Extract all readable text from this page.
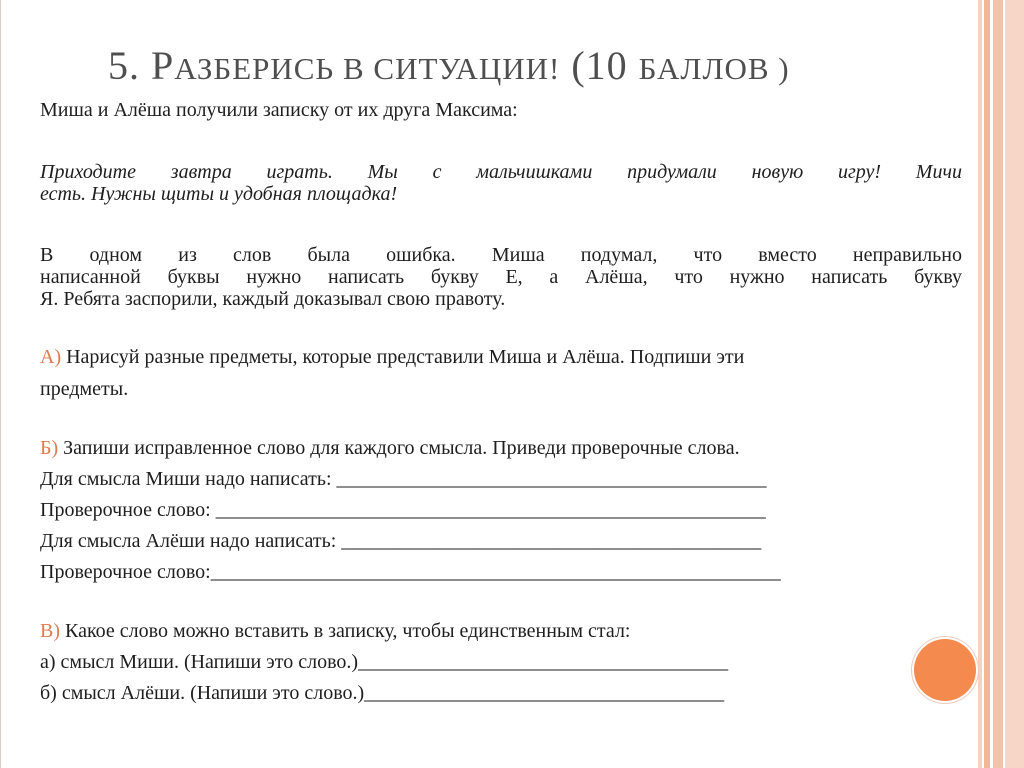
5. РАЗБЕРИСЬ В СИТУАЦИИ! (10 БАЛЛОВ )
Миша и Алёша получили записку от их друга Максима:
Приходите завтра играть. Мы с мальчишками придумали новую игру! Мичи
есть. Нужны щиты и удобная площадка!
В одном из слов была ошибка. Миша подумал, что вместо неправильно
написанной буквы нужно написать букву Е, а Алёша, что нужно написать букву
Я. Ребята заспорили, каждый доказывал свою правоту.
А) Нарисуй разные предметы, которые представили Миша и Алёша. Подпиши эти
предметы.
Б) Запиши исправленное слово для каждого смысла. Приведи проверочные слова.
Для смысла Миши надо написать: ___________________________________________
Проверочное слово: _______________________________________________________
Для смысла Алёши надо написать: __________________________________________
Проверочное слово:_________________________________________________________
В) Какое слово можно вставить в записку, чтобы единственным стал:
а) смысл Миши. (Напиши это слово.)_____________________________________
б) смысл Алёши. (Напиши это слово.)____________________________________
